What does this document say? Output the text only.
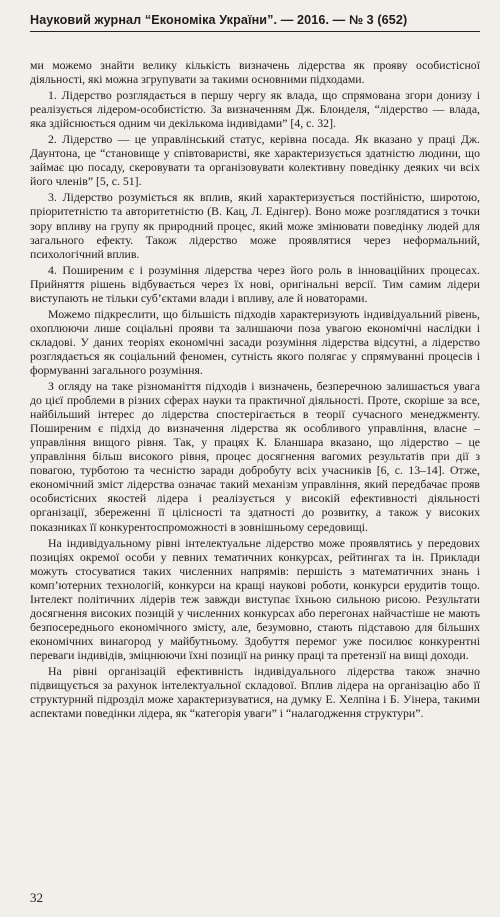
Науковий журнал “Економіка України”. — 2016. — № 3 (652)

ми можемо знайти велику кількість визначень лідерства як прояву особистісної діяльності, які можна згрупувати за такими основними підходами.

1. Лідерство розглядається в першу чергу як влада, що спрямована згори донизу і реалізується лідером-особистістю. За визначенням Дж. Блонделя, “лідерство — влада, яка здійснюється одним чи декількома індивідами” [4, с. 32].

2. Лідерство — це управлінський статус, керівна посада. Як вказано у праці Дж. Даунтона, це “становище у співтоваристві, яке характеризується здатністю людини, що займає цю посаду, скеровувати та організовувати колективну поведінку деяких чи всіх його членів” [5, с. 51].

3. Лідерство розуміється як вплив, який характеризується постійністю, широтою, пріоритетністю та авторитетністю (В. Кац, Л. Едінгер). Воно може розглядатися з точки зору впливу на групу як природний процес, який може змінювати поведінку людей для загального ефекту. Також лідерство може проявлятися через неформальний, психологічний вплив.

4. Поширеним є і розуміння лідерства через його роль в інноваційних процесах. Прийняття рішень відбувається через їх нові, оригінальні версії. Тим самим лідери виступають не тільки суб’єктами влади і впливу, але й новаторами.

Можемо підкреслити, що більшість підходів характеризують індивідуальний рівень, охоплюючи лише соціальні прояви та залишаючи поза увагою економічні наслідки і складові. У даних теоріях економічні засади розуміння лідерства відсутні, а лідерство розглядається як соціальний феномен, сутність якого полягає у спрямуванні процесів і формуванні загального розуміння.

З огляду на таке різноманіття підходів і визначень, безперечною залишається увага до цієї проблеми в різних сферах науки та практичної діяльності. Проте, скоріше за все, найбільший інтерес до лідерства спостерігається в теорії сучасного менеджменту. Поширеним є підхід до визначення лідерства як особливого управління, власне – управління вищого рівня. Так, у працях К. Бланшара вказано, що лідерство – це управління більш високого рівня, процес досягнення вагомих результатів при дії з повагою, турботою та чесністю заради добробуту всіх учасників [6, с. 13–14]. Отже, економічний зміст лідерства означає такий механізм управління, який передбачає прояв особистісних якостей лідера і реалізується у високій ефективності діяльності організації, збереженні її цілісності та здатності до розвитку, а також у високих показниках її конкурентоспроможності в зовнішньому середовищі.

На індивідуальному рівні інтелектуальне лідерство може проявлятись у передових позиціях окремої особи у певних тематичних конкурсах, рейтингах та ін. Приклади можуть стосуватися таких численних напрямів: першість з математичних знань і комп’ютерних технологій, конкурси на кращі наукові роботи, конкурси ерудитів тощо. Інтелект політичних лідерів теж завжди виступає їхньою сильною рисою. Результати досягнення високих позицій у численних конкурсах або перегонах найчастіше не мають безпосереднього економічного змісту, але, безумовно, стають підставою для більших економічних винагород у майбутньому. Здобуття перемог уже посилює конкурентні переваги індивідів, зміцнюючи їхні позиції на ринку праці та претензії на вищі доходи.

На рівні організацій ефективність індивідуального лідерства також значно підвищується за рахунок інтелектуальної складової. Вплив лідера на організацію або її структурний підрозділ може характеризуватися, на думку Е. Хелпіна і Б. Уінера, такими аспектами поведінки лідера, як “категорія уваги” і “налагодження структури”.

32
